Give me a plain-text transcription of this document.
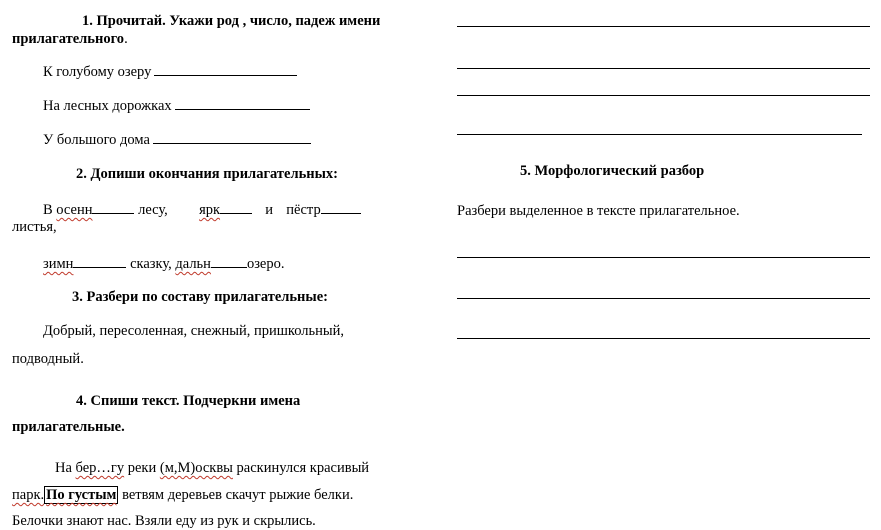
1. Прочитай. Укажи род , число, падеж имени
прилагательного.
К голубому озеру
На лесных дорожках
У большого дома
2. Допиши окончания прилагательных:
В осенн	лесу, ярк	и пёстр
листья,
зимн	сказку, дальн озеро.
3. Разбери по составу прилагательные:
Добрый, пересоленная, снежный, пришкольный,
подводный.
4. Спиши текст. Подчеркни имена
прилагательные.
На бер…гу реки (м,М)осквы раскинулся красивый
парк. По густым ветвям деревьев скачут рыжие белки.
Белочки знают нас. Взяли еду из рук и скрылись.
5. Морфологический разбор
Разбери выделенное в тексте прилагательное.
